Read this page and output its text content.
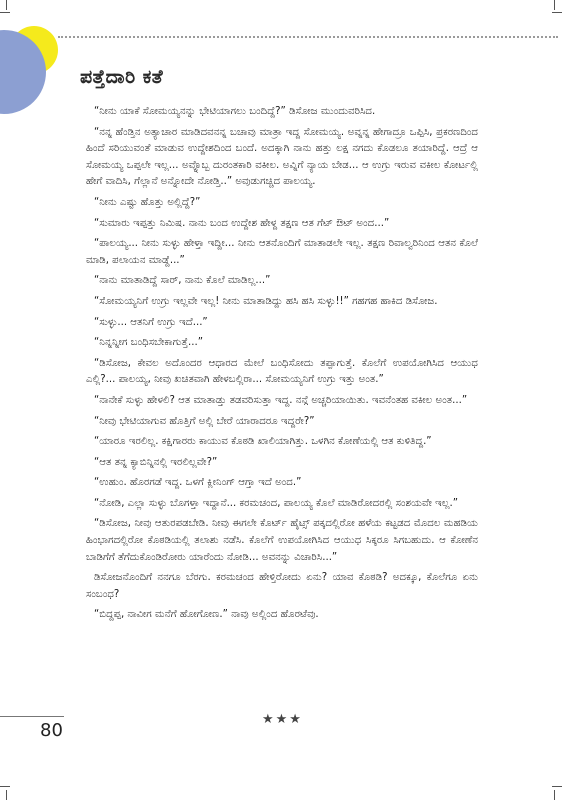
ಪತ್ತೆದಾರಿ ಕತೆ

“ನೀನು ಯಾಕೆ ಸೋಮಯ್ಯನನ್ನು ಭೇಟಿಯಾಗಲು ಬಂದಿದ್ದೆ?” ಡಿಸೋಜ ಮುಂದುವರಿಸಿದ.

“ನನ್ನ ಹೆಂಡ್ತಿನ ಅತ್ಯಾಚಾರ ಮಾಡಿದವನನ್ನ ಬಚಾವು ಮಾತ್ರಾ ಇದ್ದ ಸೋಮಯ್ಯ. ಅವ್ನನ್ನ ಹೇಗಾದ್ರೂ ಒಪ್ಪಿಸಿ, ಪ್ರಕರಣದಿಂದ ಹಿಂದೆ ಸರಿಯುವಂತೆ ಮಾಡುವ ಉದ್ದೇಶದಿಂದ ಬಂದೆ. ಅದಕ್ಕಾಗಿ ನಾನು ಹತ್ತು ಲಕ್ಷ ನಗದು ಕೊಡಲೂ ತಯಾರಿದ್ದೆ. ಆದ್ರೆ ಆ ಸೋಮಯ್ಯ ಒಪ್ಪಲೇ ಇಲ್ಲ... ಅವ್ನೊಬ್ಬ ದುರಂತಕಾರಿ ವಕೀಲ. ಅವ್ನಿಗೆ ನ್ಯಾಯ ಬೇಡ... ಆ ಉಗ್ರು ಇರುವ ವಕೀಲ ಕೋರ್ಟಲ್ಲಿ ಹೇಗೆ ವಾದಿಸಿ, ಗೆಲ್ಲಾನೆ ಅನ್ನೋದೇ ನೋಡ್ತಿ..” ಅವುಡುಗಚ್ಚಿದ ಪಾಲಯ್ಯ.

“ನೀನು ಎಷ್ಟು ಹೊತ್ತು ಅಲ್ಲಿದ್ದೆ?”

“ಸುಮಾರು ಇಪ್ಪತ್ತು ನಿಮಿಷ. ನಾನು ಬಂದ ಉದ್ದೇಶ ಹೇಳ್ದ ತಕ್ಷಣ ಆತ ಗೆಟ್ ಔಟ್ ಅಂದ...”

“ಪಾಲಯ್ಯ... ನೀನು ಸುಳ್ಳು ಹೇಳ್ತಾ ಇದ್ದೀ... ನೀನು ಆತನೊಂದಿಗೆ ಮಾತಾಡಲೇ ಇಲ್ಲ. ತಕ್ಷಣ ರಿವಾಲ್ವರಿನಿಂದ ಆತನ ಕೊಲೆ ಮಾಡಿ, ಪಲಾಯನ ಮಾಡ್ದೆ...”

“ನಾನು ಮಾತಾಡಿದ್ದೆ ಸಾರ್, ನಾನು ಕೊಲೆ ಮಾಡಿಲ್ಲ...”

“ಸೋಮಯ್ಯನಿಗೆ ಉಗ್ರು ಇಲ್ಲವೇ ಇಲ್ಲ! ನೀನು ಮಾತಾಡಿದ್ದು ಹಸಿ ಹಸಿ ಸುಳ್ಳು!!” ಗಹಗಹ ಹಾಕಿದ ಡಿಸೋಜ.

“ಸುಳ್ಳು... ಆತನಿಗೆ ಉಗ್ರು ಇದೆ...”

“ನಿನ್ನನ್ನೀಗ ಬಂಧಿಸಬೇಕಾಗುತ್ತೆ...”

“ಡಿಸೋಜ, ಕೇವಲ ಅದೊಂದರ ಆಧಾರದ ಮೇಲೆ ಬಂಧಿಸೋದು ತಪ್ಪಾಗುತ್ತೆ. ಕೊಲೆಗೆ ಉಪಯೋಗಿಸಿದ ಆಯುಧ ಎಲ್ಲಿ?... ಪಾಲಯ್ಯ, ನೀವು ಖಚಿತವಾಗಿ ಹೇಳಬಲ್ಲಿರಾ... ಸೋಮಯ್ಯನಿಗೆ ಉಗ್ರು ಇತ್ತು ಅಂತ.”

“ನಾನೇಕೆ ಸುಳ್ಳು ಹೇಳಲಿ? ಆತ ಮಾತಾಡ್ತು ತಡವರಿಸುತ್ತಾ ಇದ್ದ. ನನ್ಗೆ ಅಚ್ಚರಿಯಾಯಿತು. ಇವನೆಂತಹ ವಕೀಲ ಅಂತ...”

“ನೀವು ಭೇಟಿಯಾಗುವ ಹೊತ್ತಿಗೆ ಅಲ್ಲಿ ಬೇರೆ ಯಾರಾದರೂ ಇದ್ದರೇ?”

“ಯಾರೂ ಇರಲಿಲ್ಲ. ಕಕ್ಷಿಗಾರರು ಕಾಯುವ ಕೊಠಡಿ ಖಾಲಿಯಾಗಿತ್ತು. ಒಳಗಿನ ಕೋಣೆಯಲ್ಲಿ ಆತ ಕುಳಿತಿದ್ದ.”

“ಆತ ತನ್ನ ಕ್ಯಾಬಿನ್ನಿನಲ್ಲಿ ಇರಲಿಲ್ಲವೇ?”

“ಉಹುಂ. ಹೊರಗಡೆ ಇದ್ದ. ಒಳಗೆ ಕ್ಲೀನಿಂಗ್ ಆಗ್ತಾ ಇದೆ ಅಂದ.”

“ನೋಡಿ, ಎಲ್ಲಾ ಸುಳ್ಳು ಬೊಗಳ್ತಾ ಇದ್ದಾನೆ... ಕರಮಚಂದ, ಪಾಲಯ್ಯ ಕೊಲೆ ಮಾಡಿರೋದರಲ್ಲಿ ಸಂಶಯವೇ ಇಲ್ಲ.”

“ಡಿಸೋಜ, ನೀವು ಆತುರಪಡಬೇಡಿ. ನೀವು ಈಗಲೇ ಕೊರ್ಟ್ ಹೈಟ್ಸ್ ಪಕ್ಕದಲ್ಲಿರೋ ಹಳೆಯ ಕಟ್ಟಡದ ಮೊದಲ ಮಹಡಿಯ ಹಿಂಭಾಗದಲ್ಲಿರೋ ಕೊಠಡಿಯಲ್ಲಿ ತಲಾಶು ನಡೆಸಿ. ಕೊಲೆಗೆ ಉಪಯೋಗಿಸಿದ ಆಯುಧ ಸಿಕ್ಕರೂ ಸಿಗಬಹುದು. ಆ ಕೋಣೆನ ಬಾಡಿಗೆಗೆ ತೆಗೆದುಕೊಂಡಿರೋರು ಯಾರೆಂದು ನೋಡಿ... ಅವನನ್ನು ವಿಚಾರಿಸಿ...”

ಡಿಸೋಜನೊಂದಿಗೆ ನನಗೂ ಬೆರಗು. ಕರಮಚಂದ ಹೇಳ್ತಿರೋದು ಏನು? ಯಾವ ಕೊಠಡಿ? ಅದಕ್ಕೂ, ಕೊಲೆಗೂ ಏನು ಸಂಬಂಧ?

“ಬಿದ್ದಪ್ಪ, ನಾವೀಗ ಮನೆಗೆ ಹೋಗೋಣ.” ನಾವು ಅಲ್ಲಿಂದ ಹೊರಟೆವು.

★★★
80
